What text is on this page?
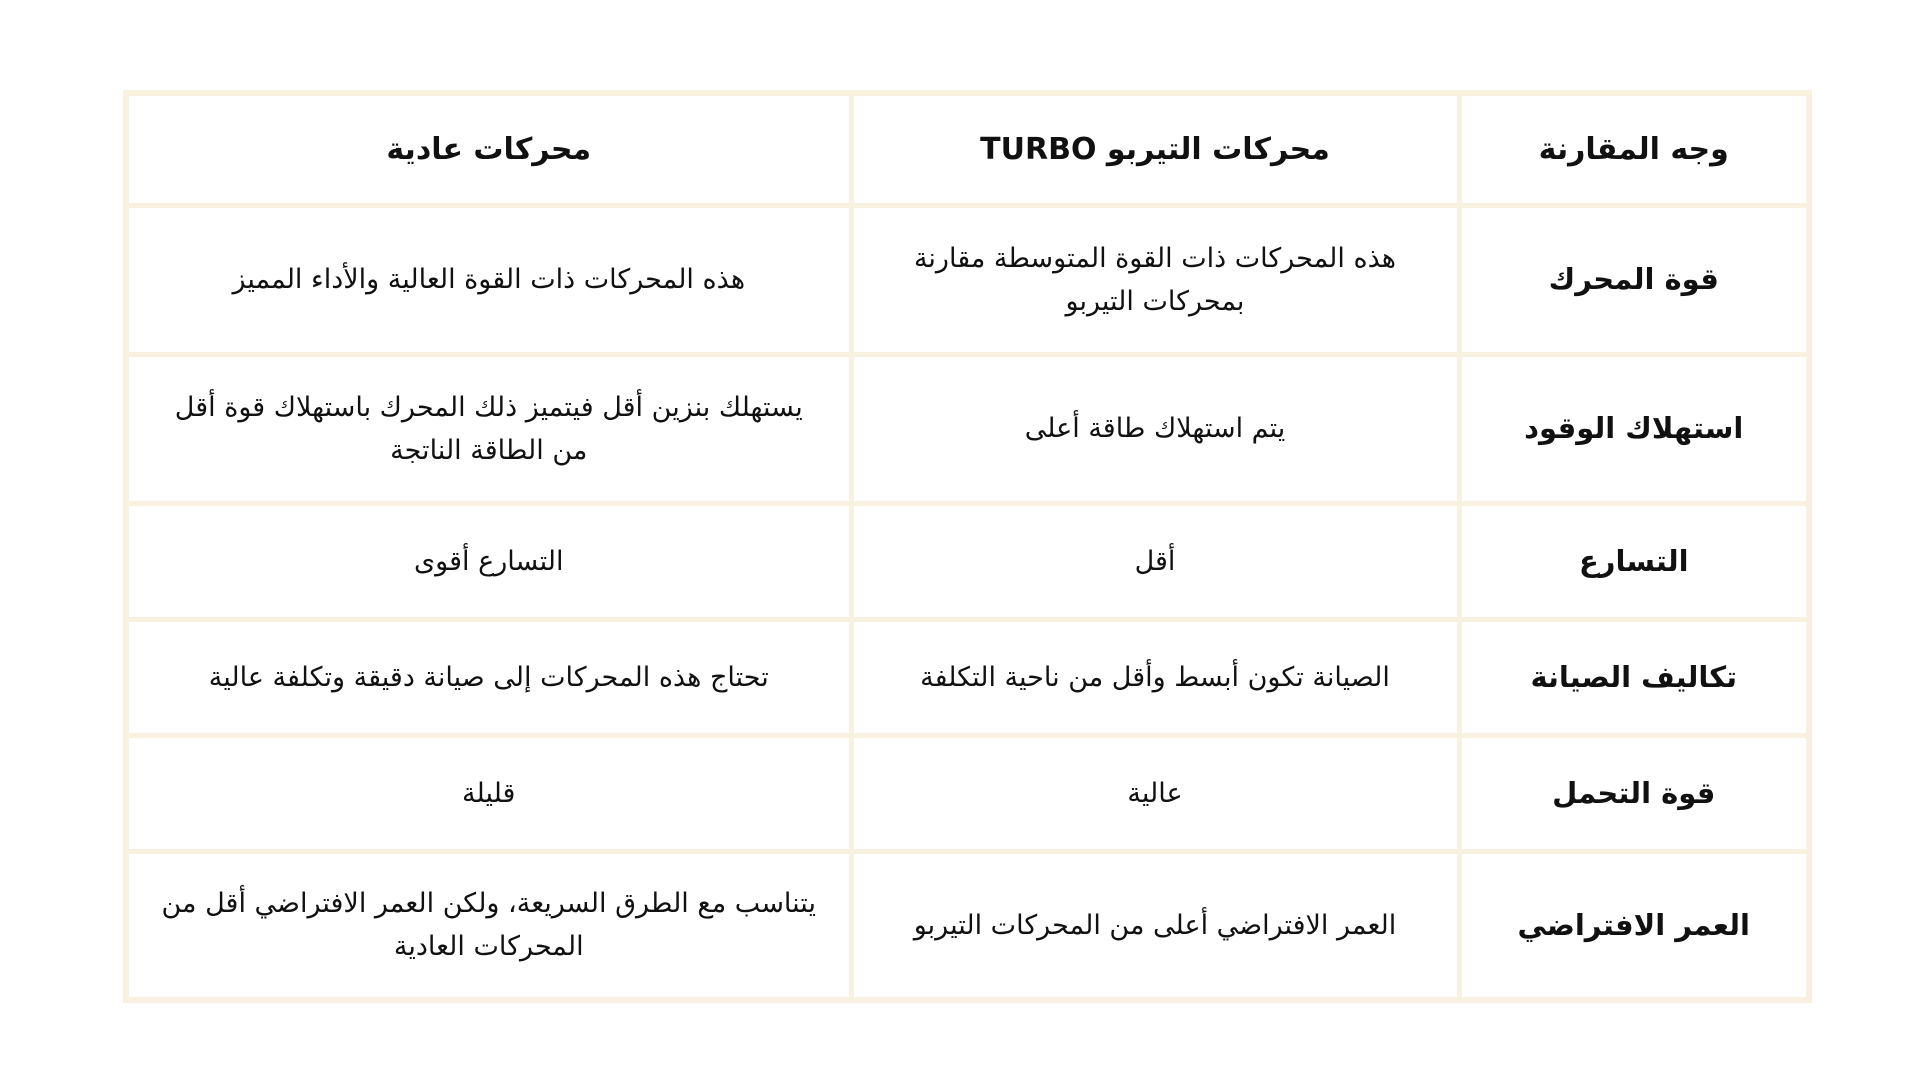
وجه المقارنة	محركات التيربو TURBO	محركات عادية
قوة المحرك	هذه المحركات ذات القوة المتوسطة مقارنة بمحركات التيربو	هذه المحركات ذات القوة العالية والأداء المميز
استهلاك الوقود	يتم استهلاك طاقة أعلى	يستهلك بنزين أقل فيتميز ذلك المحرك باستهلاك قوة أقل من الطاقة الناتجة
التسارع	أقل	التسارع أقوى
تكاليف الصيانة	الصيانة تكون أبسط وأقل من ناحية التكلفة	تحتاج هذه المحركات إلى صيانة دقيقة وتكلفة عالية
قوة التحمل	عالية	قليلة
العمر الافتراضي	العمر الافتراضي أعلى من المحركات التيربو	يتناسب مع الطرق السريعة، ولكن العمر الافتراضي أقل من المحركات العادية
